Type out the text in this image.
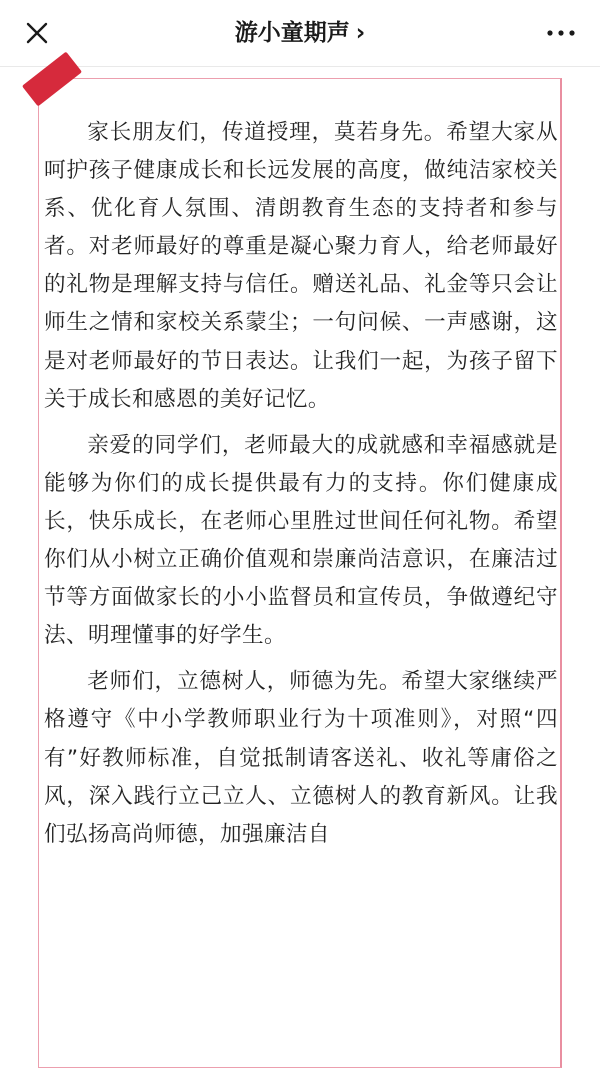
游小童期声 ›

家长朋友们，传道授理，莫若身先。希望大家从呵护孩子健康成长和长远发展的高度，做纯洁家校关系、优化育人氛围、清朗教育生态的支持者和参与者。对老师最好的尊重是凝心聚力育人，给老师最好的礼物是理解支持与信任。赠送礼品、礼金等只会让师生之情和家校关系蒙尘；一句问候、一声感谢，这是对老师最好的节日表达。让我们一起，为孩子留下关于成长和感恩的美好记忆。

亲爱的同学们，老师最大的成就感和幸福感就是能够为你们的成长提供最有力的支持。你们健康成长，快乐成长，在老师心里胜过世间任何礼物。希望你们从小树立正确价值观和崇廉尚洁意识，在廉洁过节等方面做家长的小小监督员和宣传员，争做遵纪守法、明理懂事的好学生。

老师们，立德树人，师德为先。希望大家继续严格遵守《中小学教师职业行为十项准则》，对照“四有”好教师标准，自觉抵制请客送礼、收礼等庸俗之风，深入践行立己立人、立德树人的教育新风。让我们弘扬高尚师德，加强廉洁自
